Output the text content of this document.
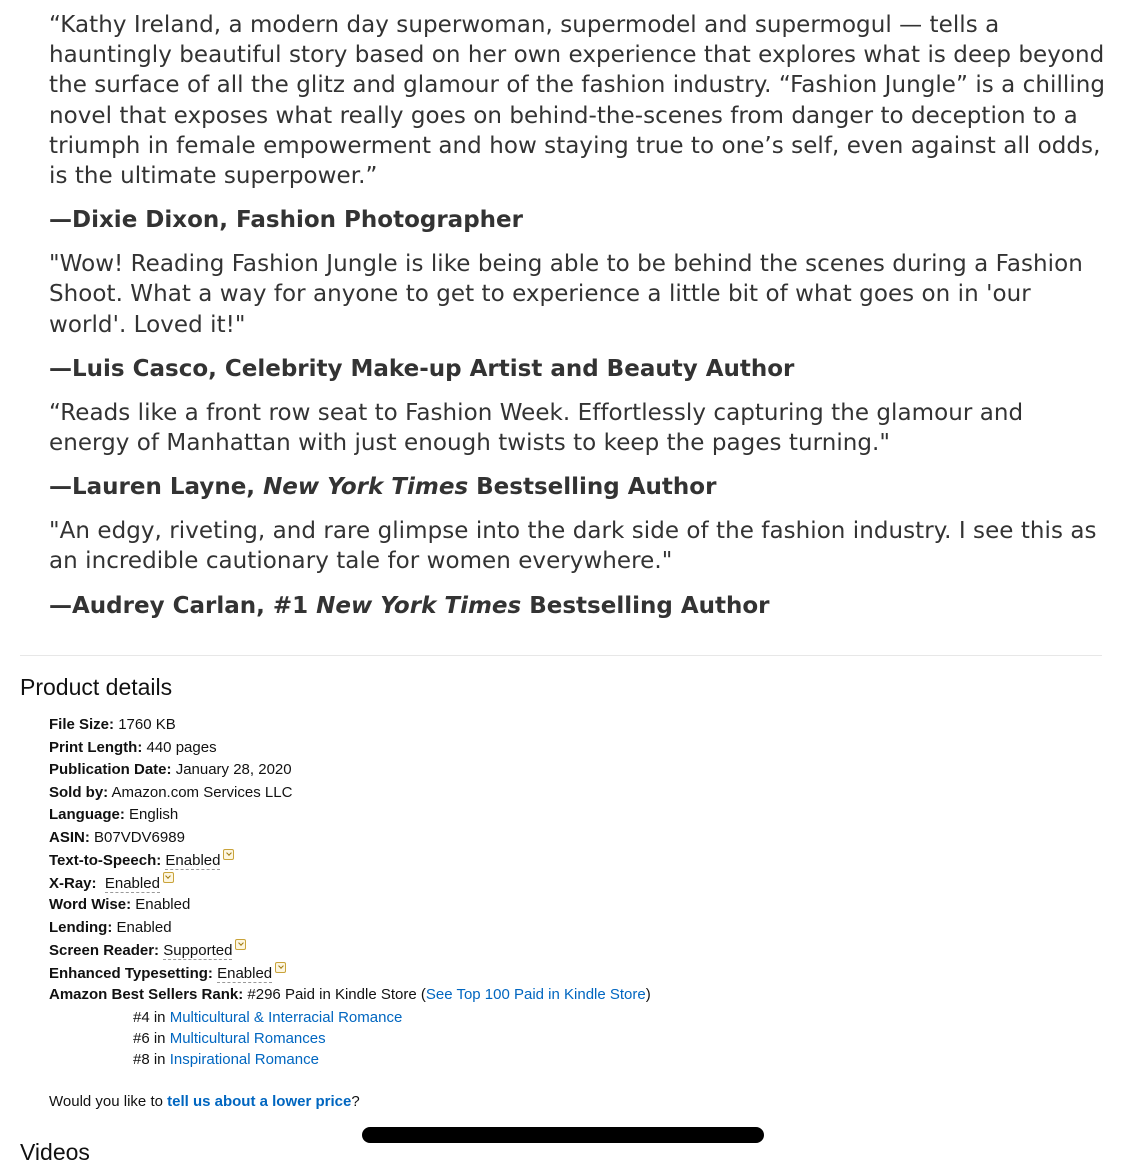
“Kathy Ireland, a modern day superwoman, supermodel and supermogul — tells a hauntingly beautiful story based on her own experience that explores what is deep beyond the surface of all the glitz and glamour of the fashion industry. “Fashion Jungle” is a chilling novel that exposes what really goes on behind-the-scenes from danger to deception to a triumph in female empowerment and how staying true to one’s self, even against all odds, is the ultimate superpower.”

—Dixie Dixon, Fashion Photographer

"Wow! Reading Fashion Jungle is like being able to be behind the scenes during a Fashion Shoot. What a way for anyone to get to experience a little bit of what goes on in 'our world'. Loved it!"

—Luis Casco, Celebrity Make-up Artist and Beauty Author

“Reads like a front row seat to Fashion Week. Effortlessly capturing the glamour and energy of Manhattan with just enough twists to keep the pages turning."

—Lauren Layne, New York Times Bestselling Author

"An edgy, riveting, and rare glimpse into the dark side of the fashion industry. I see this as an incredible cautionary tale for women everywhere."

—Audrey Carlan, #1 New York Times Bestselling Author
Product details
File Size: 1760 KB
Print Length: 440 pages
Publication Date: January 28, 2020
Sold by: Amazon.com Services LLC
Language: English
ASIN: B07VDV6989
Text-to-Speech: Enabled
X-Ray: Enabled
Word Wise: Enabled
Lending: Enabled
Screen Reader: Supported
Enhanced Typesetting: Enabled
Amazon Best Sellers Rank: #296 Paid in Kindle Store (See Top 100 Paid in Kindle Store)
#4 in Multicultural & Interracial Romance
#6 in Multicultural Romances
#8 in Inspirational Romance
Would you like to tell us about a lower price?
Videos
